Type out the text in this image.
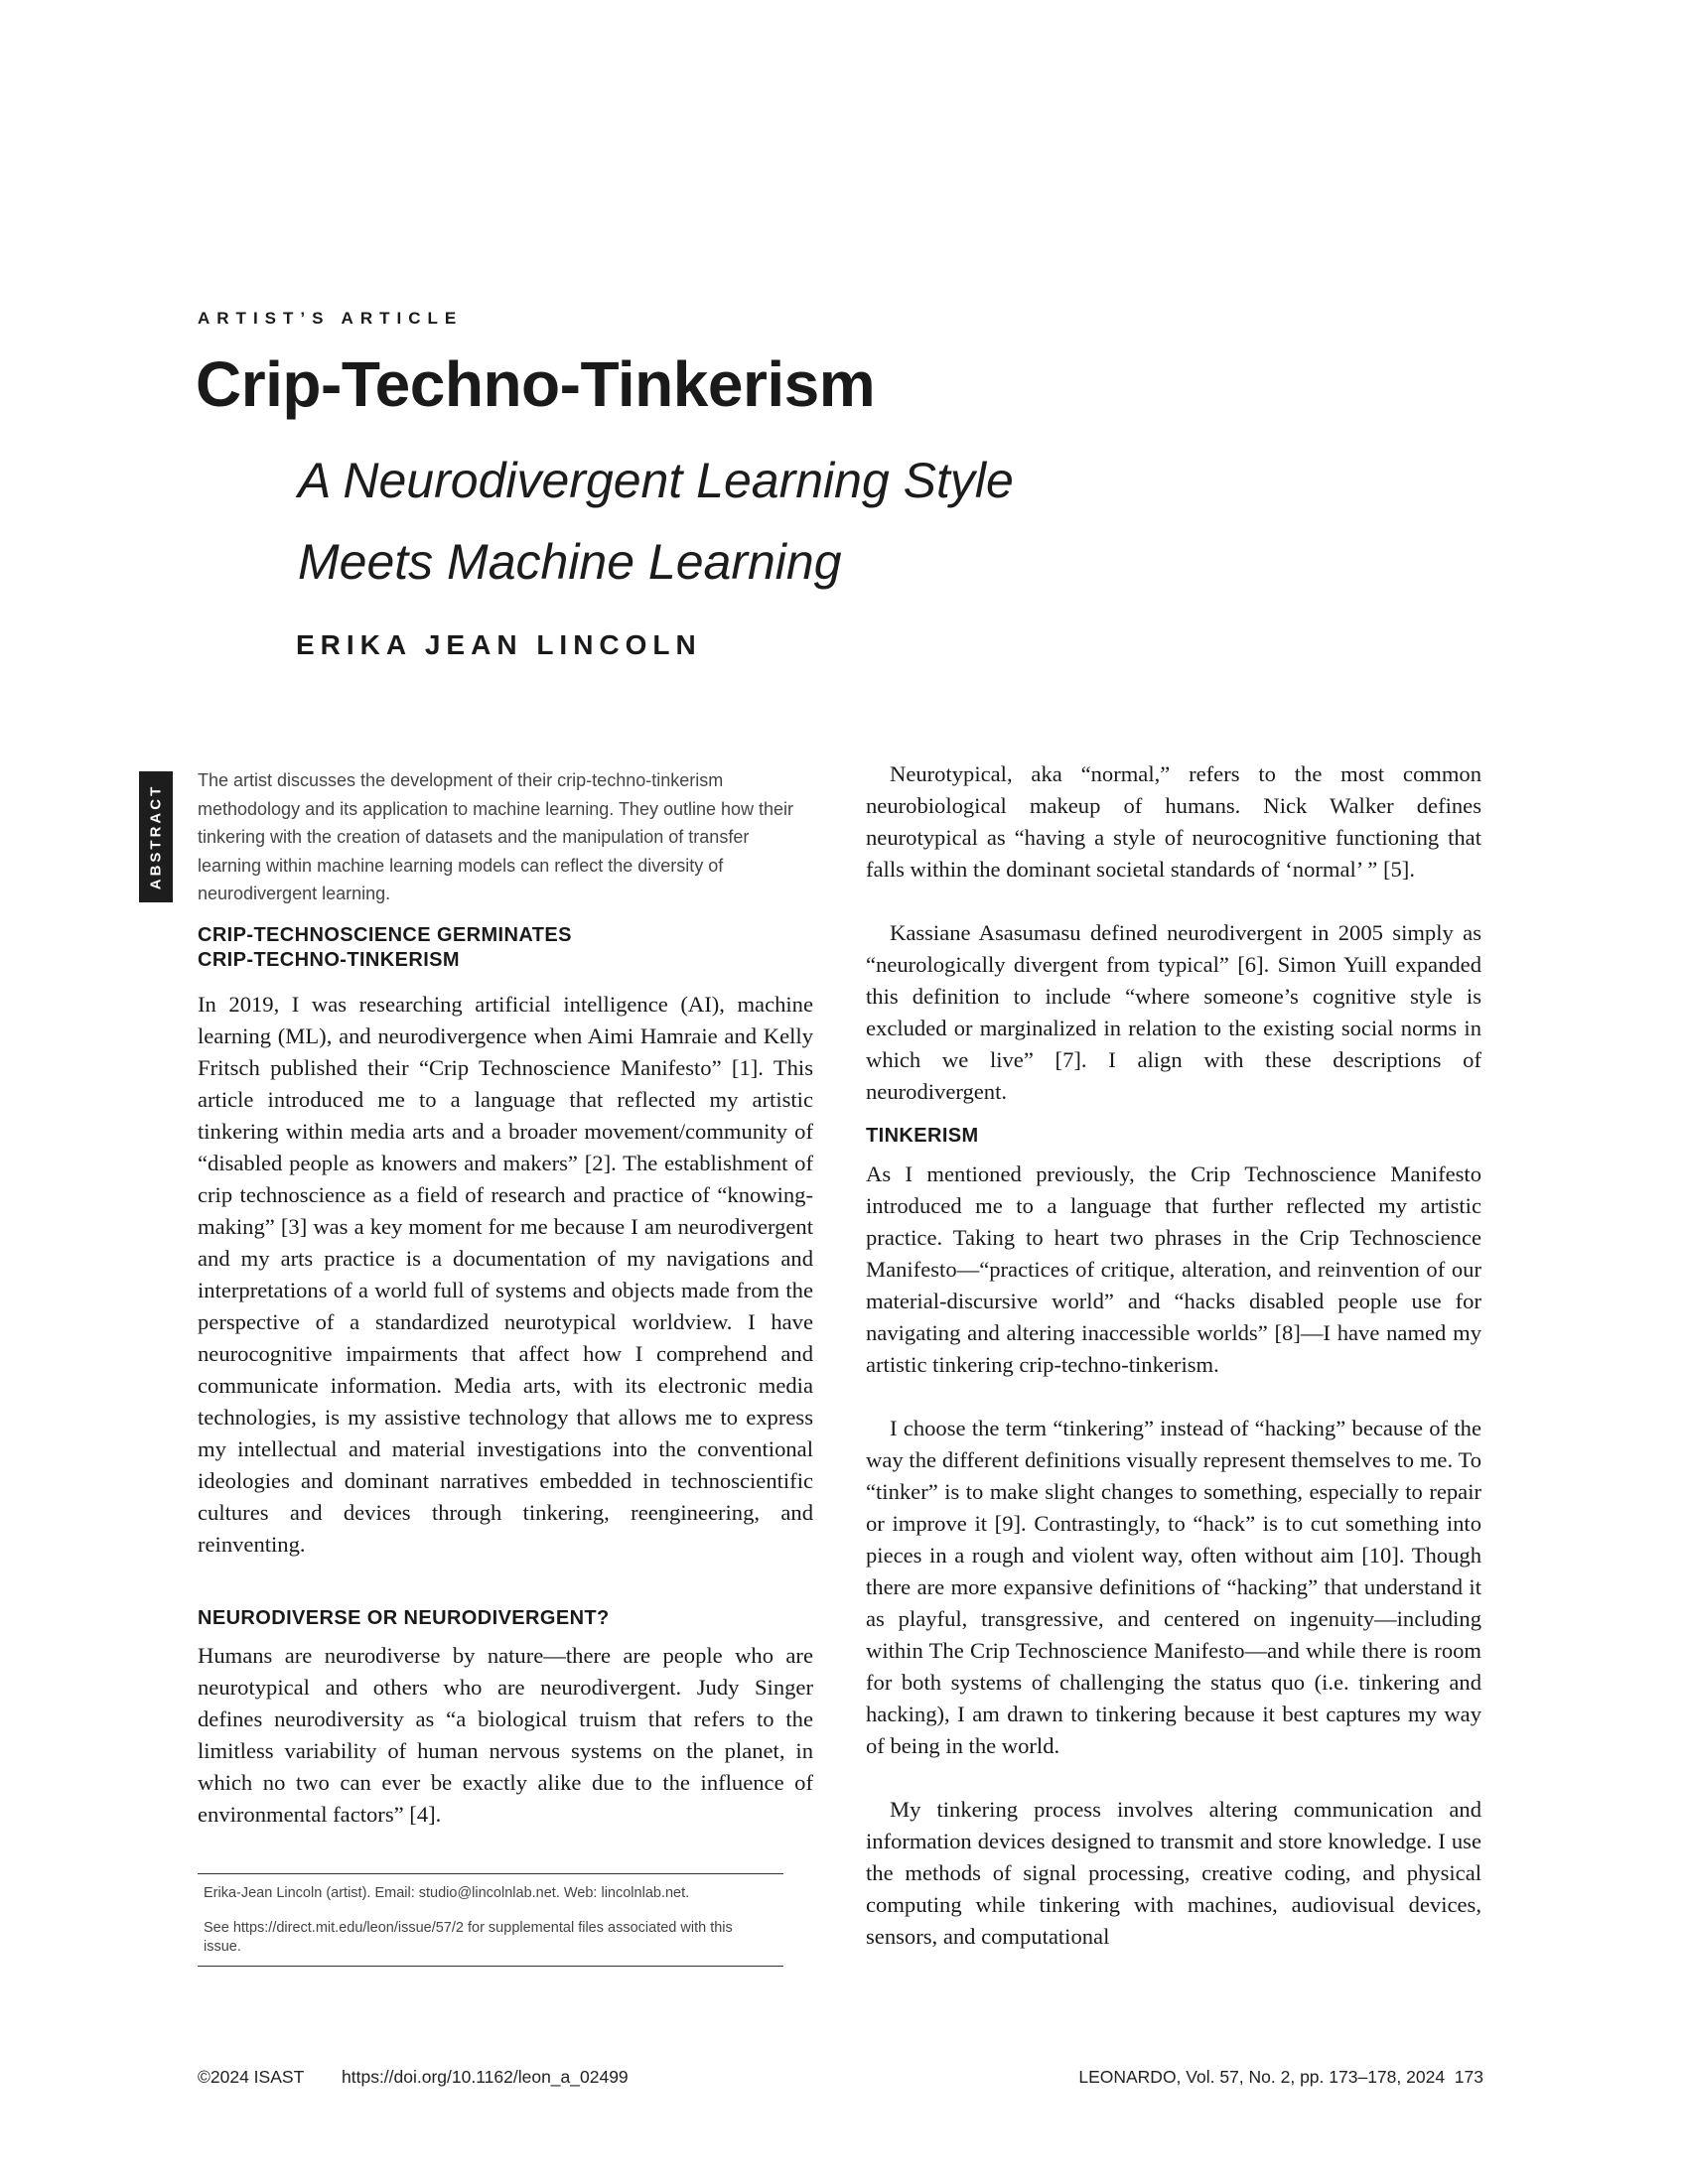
ARTIST’S ARTICLE
Crip-Techno-Tinkerism
A Neurodivergent Learning Style
Meets Machine Learning
ERIKA JEAN LINCOLN
ABSTRACT

The artist discusses the development of their crip-techno-tinkerism methodology and its application to machine learning. They outline how their tinkering with the creation of datasets and the manipulation of transfer learning within machine learning models can reflect the diversity of neurodivergent learning.

CRIP-TECHNOSCIENCE GERMINATES
CRIP-TECHNO-TINKERISM

In 2019, I was researching artificial intelligence (AI), machine learning (ML), and neurodivergence when Aimi Hamraie and Kelly Fritsch published their “Crip Technoscience Manifesto” [1]. This article introduced me to a language that reflected my artistic tinkering within media arts and a broader movement/community of “disabled people as knowers and makers” [2]. The establishment of crip technoscience as a field of research and practice of “knowing-making” [3] was a key moment for me because I am neurodivergent and my arts practice is a documentation of my navigations and interpretations of a world full of systems and objects made from the perspective of a standardized neurotypical worldview. I have neurocognitive impairments that affect how I comprehend and communicate information. Media arts, with its electronic media technologies, is my assistive technology that allows me to express my intellectual and material investigations into the conventional ideologies and dominant narratives embedded in technoscientific cultures and devices through tinkering, reengineering, and reinventing.

NEURODIVERSE OR NEURODIVERGENT?

Humans are neurodiverse by nature—there are people who are neurotypical and others who are neurodivergent. Judy Singer defines neurodiversity as “a biological truism that refers to the limitless variability of human nervous systems on the planet, in which no two can ever be exactly alike due to the influence of environmental factors” [4].

Erika-Jean Lincoln (artist). Email: studio@lincolnlab.net. Web: lincolnlab.net.

See https://direct.mit.edu/leon/issue/57/2 for supplemental files associated with this issue.

Neurotypical, aka “normal,” refers to the most common neurobiological makeup of humans. Nick Walker defines neurotypical as “having a style of neurocognitive functioning that falls within the dominant societal standards of ‘normal’ ” [5].

Kassiane Asasumasu defined neurodivergent in 2005 simply as “neurologically divergent from typical” [6]. Simon Yuill expanded this definition to include “where someone’s cognitive style is excluded or marginalized in relation to the existing social norms in which we live” [7]. I align with these descriptions of neurodivergent.

TINKERISM

As I mentioned previously, the Crip Technoscience Manifesto introduced me to a language that further reflected my artistic practice. Taking to heart two phrases in the Crip Technoscience Manifesto—“practices of critique, alteration, and reinvention of our material-discursive world” and “hacks disabled people use for navigating and altering inaccessible worlds” [8]—I have named my artistic tinkering crip-techno-tinkerism.

I choose the term “tinkering” instead of “hacking” because of the way the different definitions visually represent themselves to me. To “tinker” is to make slight changes to something, especially to repair or improve it [9]. Contrastingly, to “hack” is to cut something into pieces in a rough and violent way, often without aim [10]. Though there are more expansive definitions of “hacking” that understand it as playful, transgressive, and centered on ingenuity—including within The Crip Technoscience Manifesto—and while there is room for both systems of challenging the status quo (i.e. tinkering and hacking), I am drawn to tinkering because it best captures my way of being in the world.

My tinkering process involves altering communication and information devices designed to transmit and store knowledge. I use the methods of signal processing, creative coding, and physical computing while tinkering with machines, audiovisual devices, sensors, and computational

©2024 ISAST https://doi.org/10.1162/leon_a_02499	LEONARDO, Vol. 57, No. 2, pp. 173–178, 2024 173
